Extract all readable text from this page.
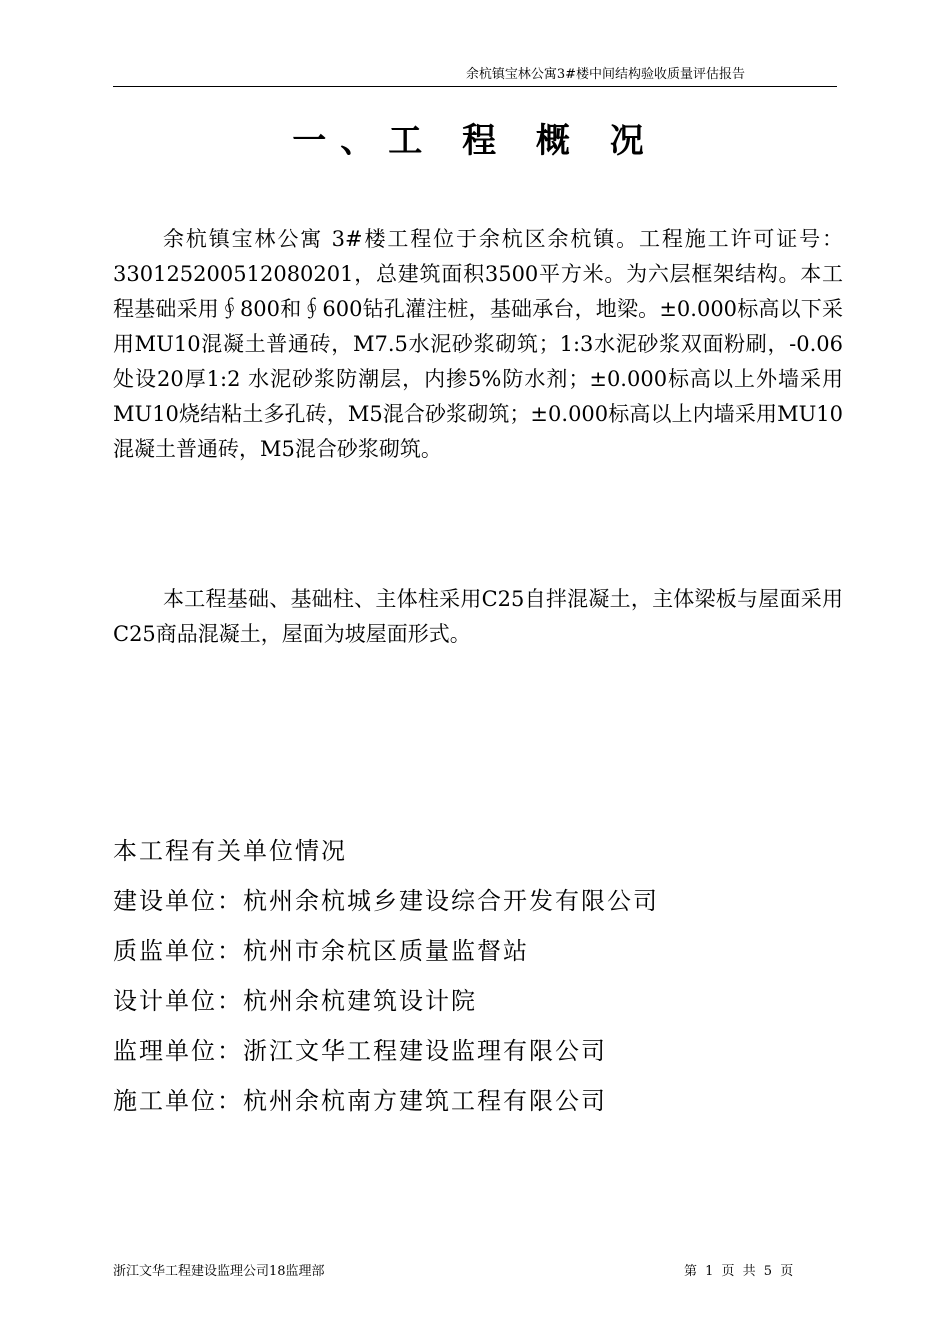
余杭镇宝林公寓3#楼中间结构验收质量评估报告
一、工 程 概 况

余杭镇宝林公寓 3#楼工程位于余杭区余杭镇。工程施工许可证号：330125200512080201，总建筑面积3500平方米。为六层框架结构。本工程基础采用∮800和∮600钻孔灌注桩，基础承台，地梁。±0.000标高以下采用MU10混凝土普通砖，M7.5水泥砂浆砌筑；1:3水泥砂浆双面粉刷，-0.06处设20厚1:2 水泥砂浆防潮层，内掺5%防水剂；±0.000标高以上外墙采用MU10烧结粘土多孔砖，M5混合砂浆砌筑；±0.000标高以上内墙采用MU10混凝土普通砖，M5混合砂浆砌筑。

本工程基础、基础柱、主体柱采用C25自拌混凝土，主体梁板与屋面采用C25商品混凝土，屋面为坡屋面形式。

本工程有关单位情况
建设单位：杭州余杭城乡建设综合开发有限公司
质监单位：杭州市余杭区质量监督站
设计单位：杭州余杭建筑设计院
监理单位：浙江文华工程建设监理有限公司
施工单位：杭州余杭南方建筑工程有限公司
浙江文华工程建设监理公司18监理部	第 1 页 共 5 页
